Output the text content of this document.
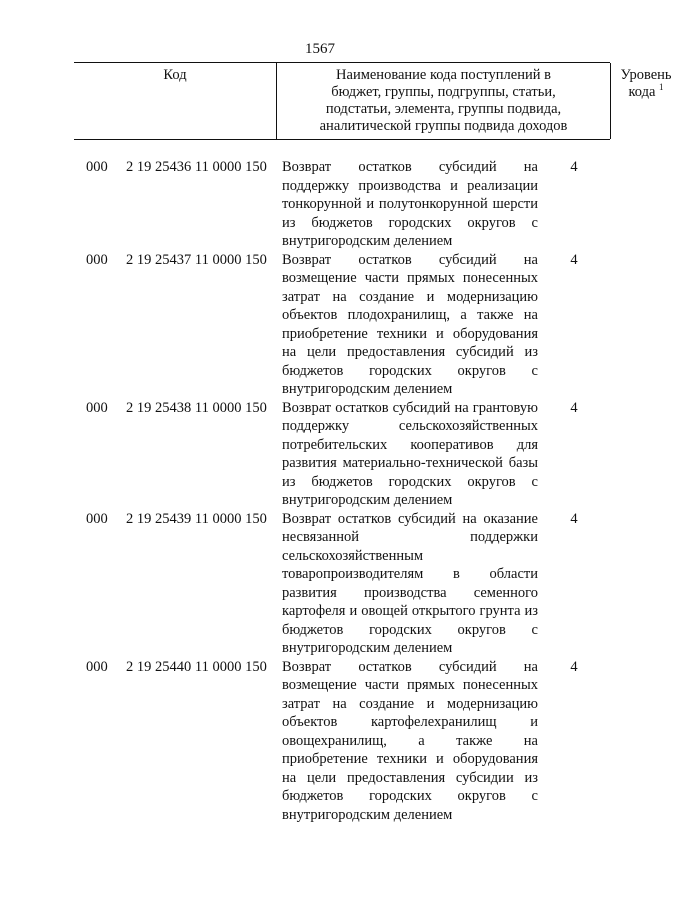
1567
Код	Наименование кода поступлений в
бюджет, группы, подгруппы, статьи,
подстатьи, элемента, группы подвида,
аналитической группы подвида доходов
Уровень
кода $^1$
000 2 19 25436 11 0000 150 Возврат остатков субсидий на поддержку производства и реализации тонкорунной и полутонкорунной шерсти из бюджетов городских округов с внутригородским делением
4
000 2 19 25437 11 0000 150 Возврат остатков субсидий на возмещение части прямых понесенных затрат на создание и модернизацию объектов плодохранилищ, а также на приобретение техники и оборудования на цели предоставления субсидий из бюджетов городских округов с внутригородским делением
4
000 2 19 25438 11 0000 150 Возврат остатков субсидий на грантовую поддержку сельскохозяйственных потребительских кооперативов для развития материально-технической базы из бюджетов городских округов с внутригородским делением
4
000 2 19 25439 11 0000 150 Возврат остатков субсидий на оказание несвязанной поддержки сельскохозяйственным товаропроизводителям в области развития производства семенного картофеля и овощей открытого грунта из бюджетов городских округов с внутригородским делением
4
000 2 19 25440 11 0000 150 Возврат остатков субсидий на возмещение части прямых понесенных затрат на создание и модернизацию объектов картофелехранилищ и овощехранилищ, а также на приобретение техники и оборудования на цели предоставления субсидии из бюджетов городских округов с внутригородским делением
4
